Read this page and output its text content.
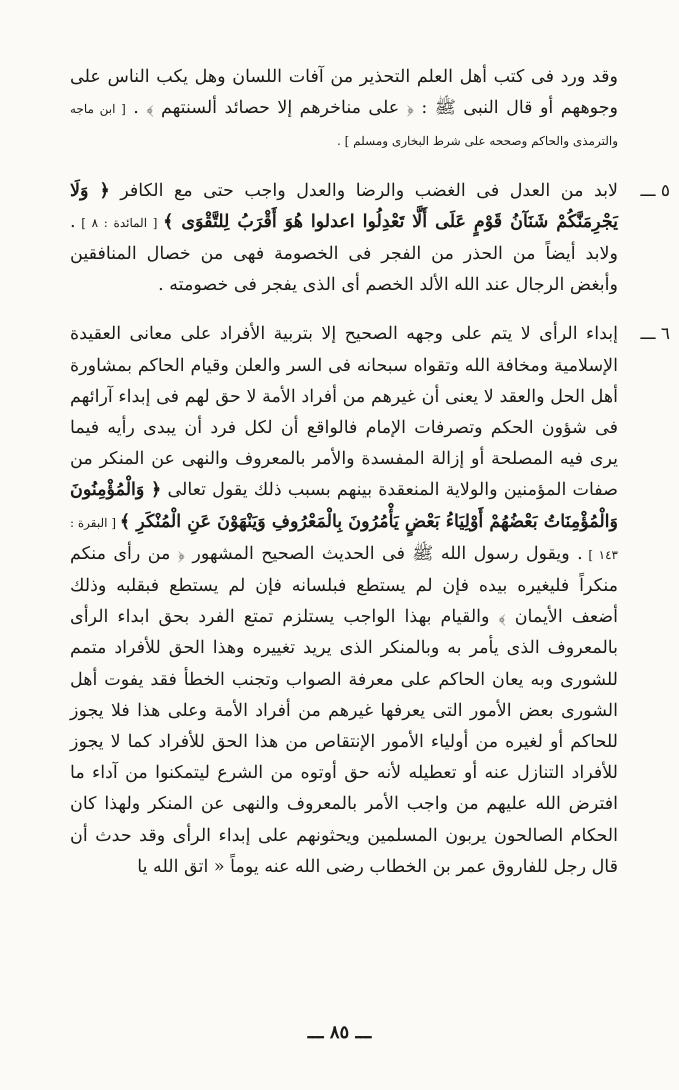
وقد ورد فى كتب أهل العلم التحذير من آفات اللسان وهل يكب الناس على وجوههم أو قال النبى ﷺ : ﴿ على مناخرهم إلا حصائد ألسنتهم ﴾ . [ ابن ماجه والترمذى والحاكم وصححه على شرط البخارى ومسلم ] .

٥ ـــ
لابد من العدل فى الغضب والرضا والعدل واجب حتى مع الكافر ﴿ وَلَا يَجْرِمَنَّكُمْ شَنَآنُ قَوْمٍ عَلَى أَلَّا تَعْدِلُوا اعدلوا هُوَ أَقْرَبُ لِلتَّقْوَى ﴾ [ المائدة : ٨ ] . ولابد أيضاً من الحذر من الفجر فى الخصومة فهى من خصال المنافقين وأبغض الرجال عند الله الألد الخصم أى الذى يفجر فى خصومته .

٦ ـــ
إبداء الرأى لا يتم على وجهه الصحيح إلا بتربية الأفراد على معانى العقيدة الإسلامية ومخافة الله وتقواه سبحانه فى السر والعلن وقيام الحاكم بمشاورة أهل الحل والعقد لا يعنى أن غيرهم من أفراد الأمة لا حق لهم فى إبداء آرائهم فى شؤون الحكم وتصرفات الإمام فالواقع أن لكل فرد أن يبدى رأيه فيما يرى فيه المصلحة أو إزالة المفسدة والأمر بالمعروف والنهى عن المنكر من صفات المؤمنين والولاية المنعقدة بينهم بسبب ذلك يقول تعالى ﴿ وَالْمُؤْمِنُونَ وَالْمُؤْمِنَاتُ بَعْضُهُمْ أَوْلِيَاءُ بَعْضٍ يَأْمُرُونَ بِالْمَعْرُوفِ وَيَنْهَوْنَ عَنِ الْمُنْكَرِ ﴾ [ البقرة : ١٤٣ ] . ويقول رسول الله ﷺ فى الحديث الصحيح المشهور ﴿ من رأى منكم منكراً فليغيره بيده فإن لم يستطع فبلسانه فإن لم يستطع فبقلبه وذلك أضعف الأيمان ﴾ والقيام بهذا الواجب يستلزم تمتع الفرد بحق ابداء الرأى بالمعروف الذى يأمر به وبالمنكر الذى يريد تغييره وهذا الحق للأفراد متمم للشورى وبه يعان الحاكم على معرفة الصواب وتجنب الخطأ فقد يفوت أهل الشورى بعض الأمور التى يعرفها غيرهم من أفراد الأمة وعلى هذا فلا يجوز للحاكم أو لغيره من أولياء الأمور الإنتقاص من هذا الحق للأفراد كما لا يجوز للأفراد التنازل عنه أو تعطيله لأنه حق أوتوه من الشرع ليتمكنوا من آداء ما افترض الله عليهم من واجب الأمر بالمعروف والنهى عن المنكر ولهذا كان الحكام الصالحون يربون المسلمين ويحثونهم على إبداء الرأى وقد حدث أن قال رجل للفاروق عمر بن الخطاب رضى الله عنه يوماً « اتق الله يا

ـــ ٨٥ ـــ
